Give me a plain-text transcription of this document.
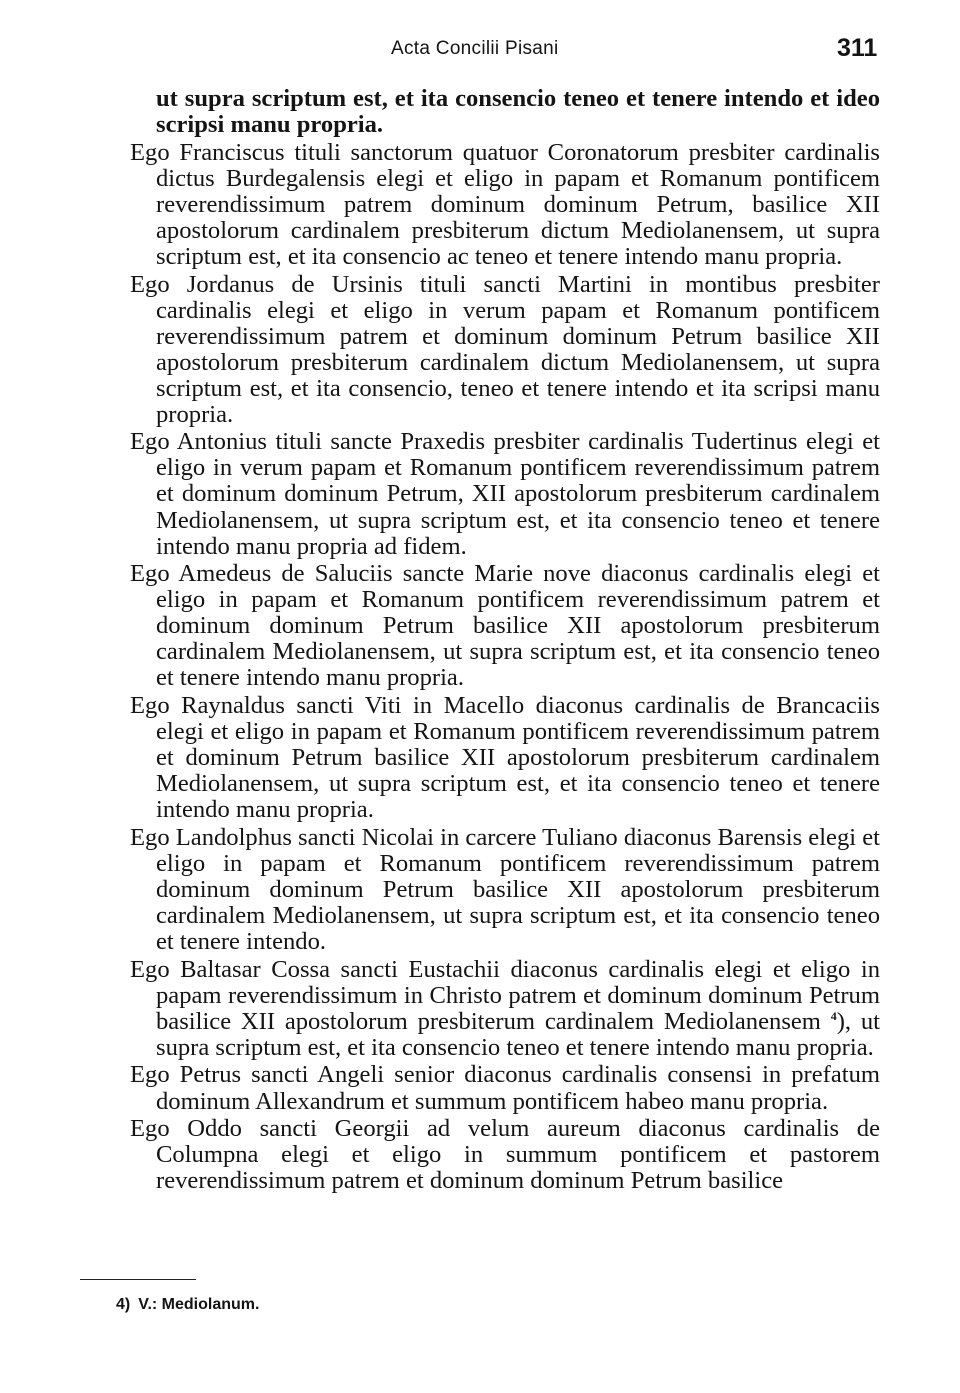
Acta Concilii Pisani	311

ut supra scriptum est, et ita consencio teneo et tenere intendo et ideo scripsi manu propria.

Ego Franciscus tituli sanctorum quatuor Coronatorum presbiter cardinalis dictus Burdegalensis elegi et eligo in papam et Romanum pontificem reverendissimum patrem dominum dominum Petrum, basilice XII apostolorum cardinalem presbiterum dictum Mediolanensem, ut supra scriptum est, et ita consencio ac teneo et tenere intendo manu propria.

Ego Jordanus de Ursinis tituli sancti Martini in montibus presbiter cardinalis elegi et eligo in verum papam et Romanum pontificem reverendissimum patrem et dominum dominum Petrum basilice XII apostolorum presbiterum cardinalem dictum Mediolanensem, ut supra scriptum est, et ita consencio, teneo et tenere intendo et ita scripsi manu propria.

Ego Antonius tituli sancte Praxedis presbiter cardinalis Tudertinus elegi et eligo in verum papam et Romanum pontificem reverendissimum patrem et dominum dominum Petrum, XII apostolorum presbiterum cardinalem Mediolanensem, ut supra scriptum est, et ita consencio teneo et tenere intendo manu propria ad fidem.

Ego Amedeus de Saluciis sancte Marie nove diaconus cardinalis elegi et eligo in papam et Romanum pontificem reverendissimum patrem et dominum dominum Petrum basilice XII apostolorum presbiterum cardinalem Mediolanensem, ut supra scriptum est, et ita consencio teneo et tenere intendo manu propria.

Ego Raynaldus sancti Viti in Macello diaconus cardinalis de Brancaciis elegi et eligo in papam et Romanum pontificem reverendissimum patrem et dominum Petrum basilice XII apostolorum presbiterum cardinalem Mediolanensem, ut supra scriptum est, et ita consencio teneo et tenere intendo manu propria.

Ego Landolphus sancti Nicolai in carcere Tuliano diaconus Barensis elegi et eligo in papam et Romanum pontificem reverendissimum patrem dominum dominum Petrum basilice XII apostolorum presbiterum cardinalem Mediolanensem, ut supra scriptum est, et ita consencio teneo et tenere intendo.

Ego Baltasar Cossa sancti Eustachii diaconus cardinalis elegi et eligo in papam reverendissimum in Christo patrem et dominum dominum Petrum basilice XII apostolorum presbiterum cardinalem Mediolanensem $^4$), ut supra scriptum est, et ita consencio teneo et tenere intendo manu propria.

Ego Petrus sancti Angeli senior diaconus cardinalis consensi in prefatum dominum Allexandrum et summum pontificem habeo manu propria.

Ego Oddo sancti Georgii ad velum aureum diaconus cardinalis de Columpna elegi et eligo in summum pontificem et pastorem reverendissimum patrem et dominum dominum Petrum basilice

4) V.: Mediolanum.
